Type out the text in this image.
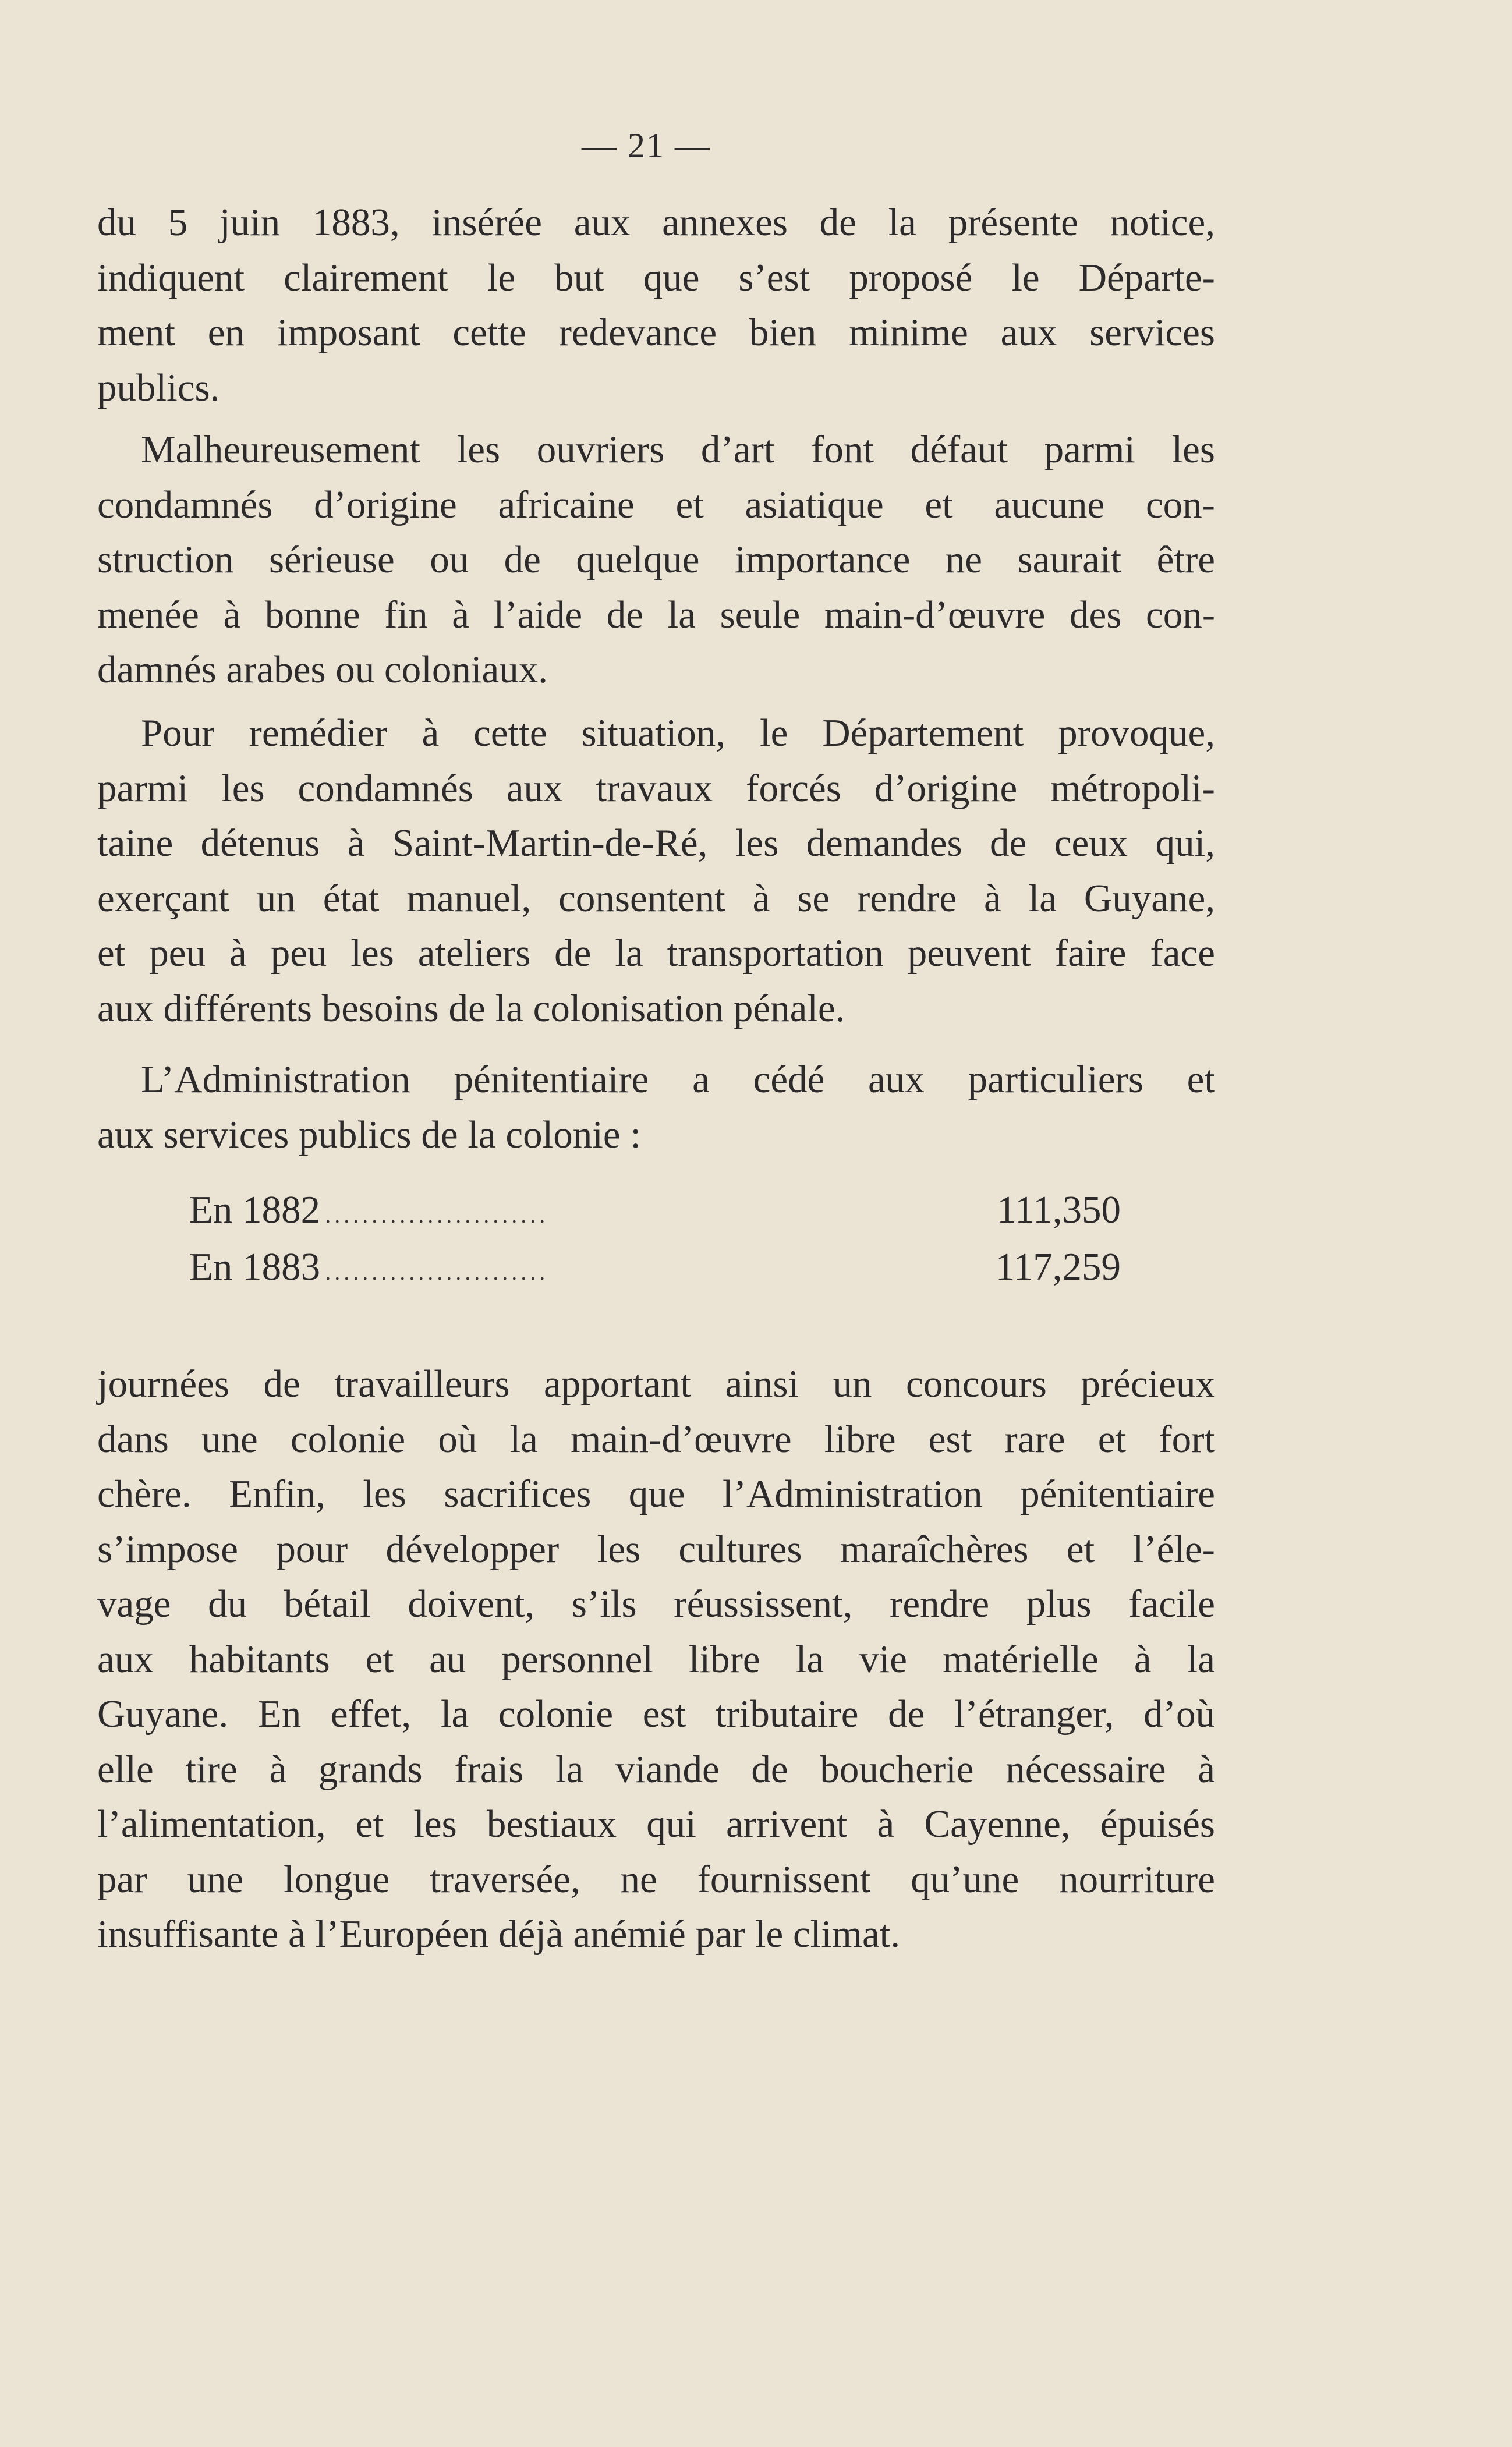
— 21 —
du 5 juin 1883, insérée aux annexes de la présente notice,
indiquent clairement le but que s’est proposé le Départe-
ment en imposant cette redevance bien minime aux services
publics.
Malheureusement les ouvriers d’art font défaut parmi les
condamnés d’origine africaine et asiatique et aucune con-
struction sérieuse ou de quelque importance ne saurait être
menée à bonne fin à l’aide de la seule main-d’œuvre des con-
damnés arabes ou coloniaux.
Pour remédier à cette situation, le Département provoque,
parmi les condamnés aux travaux forcés d’origine métropoli-
taine détenus à Saint-Martin-de-Ré, les demandes de ceux qui,
exerçant un état manuel, consentent à se rendre à la Guyane,
et peu à peu les ateliers de la transportation peuvent faire face
aux différents besoins de la colonisation pénale.
L’Administration pénitentiaire a cédé aux particuliers et
aux services publics de la colonie :
En 1882 ........................	111,350
En 1883 ........................	117,259
journées de travailleurs apportant ainsi un concours précieux
dans une colonie où la main-d’œuvre libre est rare et fort
chère. Enfin, les sacrifices que l’Administration pénitentiaire
s’impose pour développer les cultures maraîchères et l’éle-
vage du bétail doivent, s’ils réussissent, rendre plus facile
aux habitants et au personnel libre la vie matérielle à la
Guyane. En effet, la colonie est tributaire de l’étranger, d’où
elle tire à grands frais la viande de boucherie nécessaire à
l’alimentation, et les bestiaux qui arrivent à Cayenne, épuisés
par une longue traversée, ne fournissent qu’une nourriture
insuffisante à l’Européen déjà anémié par le climat.
